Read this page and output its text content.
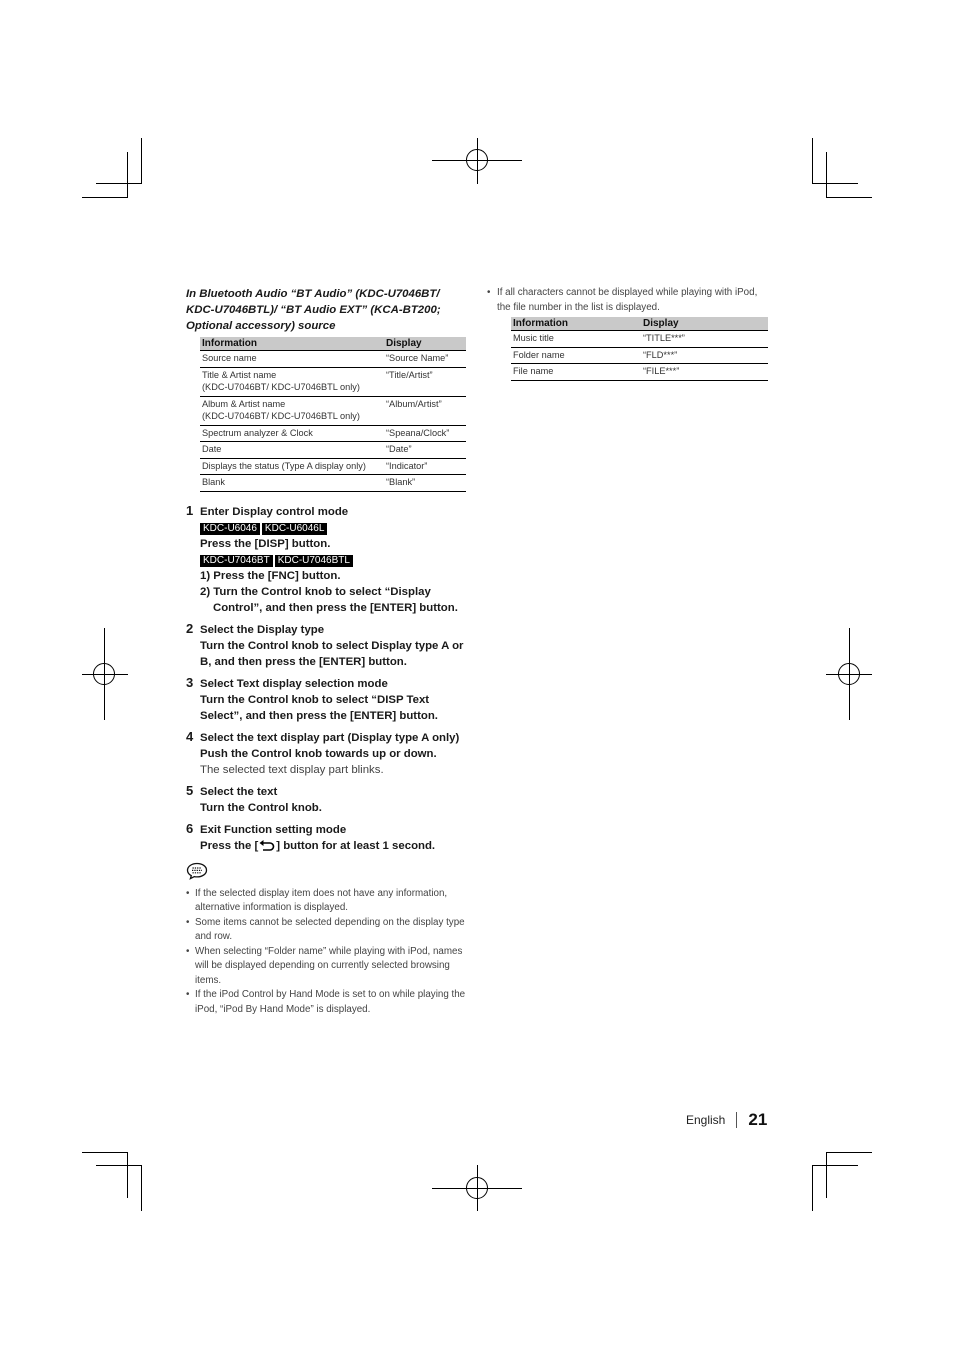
In Bluetooth Audio “BT Audio” (KDC-U7046BT/ KDC-U7046BTL)/ “BT Audio EXT” (KCA-BT200; Optional accessory) source

Information	Display
Source name	“Source Name”
Title & Artist name
(KDC-U7046BT/ KDC-U7046BTL only)	“Title/Artist”
Album & Artist name
(KDC-U7046BT/ KDC-U7046BTL only)	“Album/Artist”
Spectrum analyzer & Clock	“Speana/Clock”
Date	“Date”
Displays the status (Type A display only)	“Indicator”
Blank	“Blank”
1 Enter Display control mode
KDC-U6046 KDC-U6046L
Press the [DISP] button.
KDC-U7046BT KDC-U7046BTL
1) Press the [FNC] button.
2) Turn the Control knob to select “Display Control”, and then press the [ENTER] button.
2 Select the Display type
Turn the Control knob to select Display type A or B, and then press the [ENTER] button.
3 Select Text display selection mode
Turn the Control knob to select “DISP Text Select”, and then press the [ENTER] button.
4 Select the text display part (Display type A only)
Push the Control knob towards up or down.
The selected text display part blinks.
5 Select the text
Turn the Control knob.
6 Exit Function setting mode
Press the [ ] button for at least 1 second.
• If the selected display item does not have any information, alternative information is displayed.
• Some items cannot be selected depending on the display type and row.
• When selecting “Folder name” while playing with iPod, names will be displayed depending on currently selected browsing items.
• If the iPod Control by Hand Mode is set to on while playing the iPod, “iPod By Hand Mode” is displayed.

• If all characters cannot be displayed while playing with iPod, the file number in the list is displayed.

Information	Display
Music title	“TITLE***”
Folder name	“FLD***”
File name	“FILE***”
English 21
